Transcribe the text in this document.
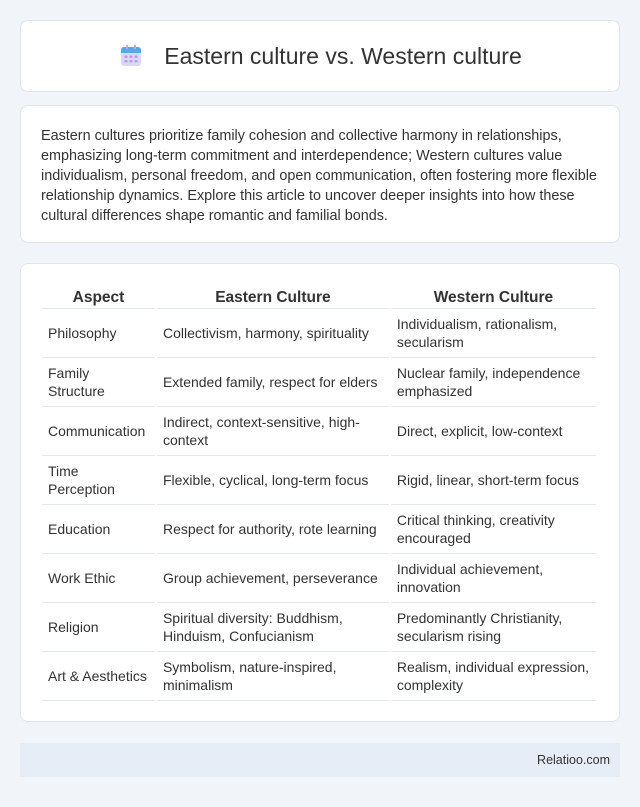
Eastern culture vs. Western culture

Eastern cultures prioritize family cohesion and collective harmony in relationships, emphasizing long-term commitment and interdependence; Western cultures value individualism, personal freedom, and open communication, often fostering more flexible relationship dynamics. Explore this article to uncover deeper insights into how these cultural differences shape romantic and familial bonds.

Aspect	Eastern Culture	Western Culture
Philosophy	Collectivism, harmony, spirituality	Individualism, rationalism, secularism
Family Structure	Extended family, respect for elders	Nuclear family, independence emphasized
Communication	Indirect, context-sensitive, high-context	Direct, explicit, low-context
Time Perception	Flexible, cyclical, long-term focus	Rigid, linear, short-term focus
Education	Respect for authority, rote learning	Critical thinking, creativity encouraged
Work Ethic	Group achievement, perseverance	Individual achievement, innovation
Religion	Spiritual diversity: Buddhism, Hinduism, Confucianism	Predominantly Christianity, secularism rising
Art & Aesthetics	Symbolism, nature-inspired, minimalism	Realism, individual expression, complexity
Relatioo.com
